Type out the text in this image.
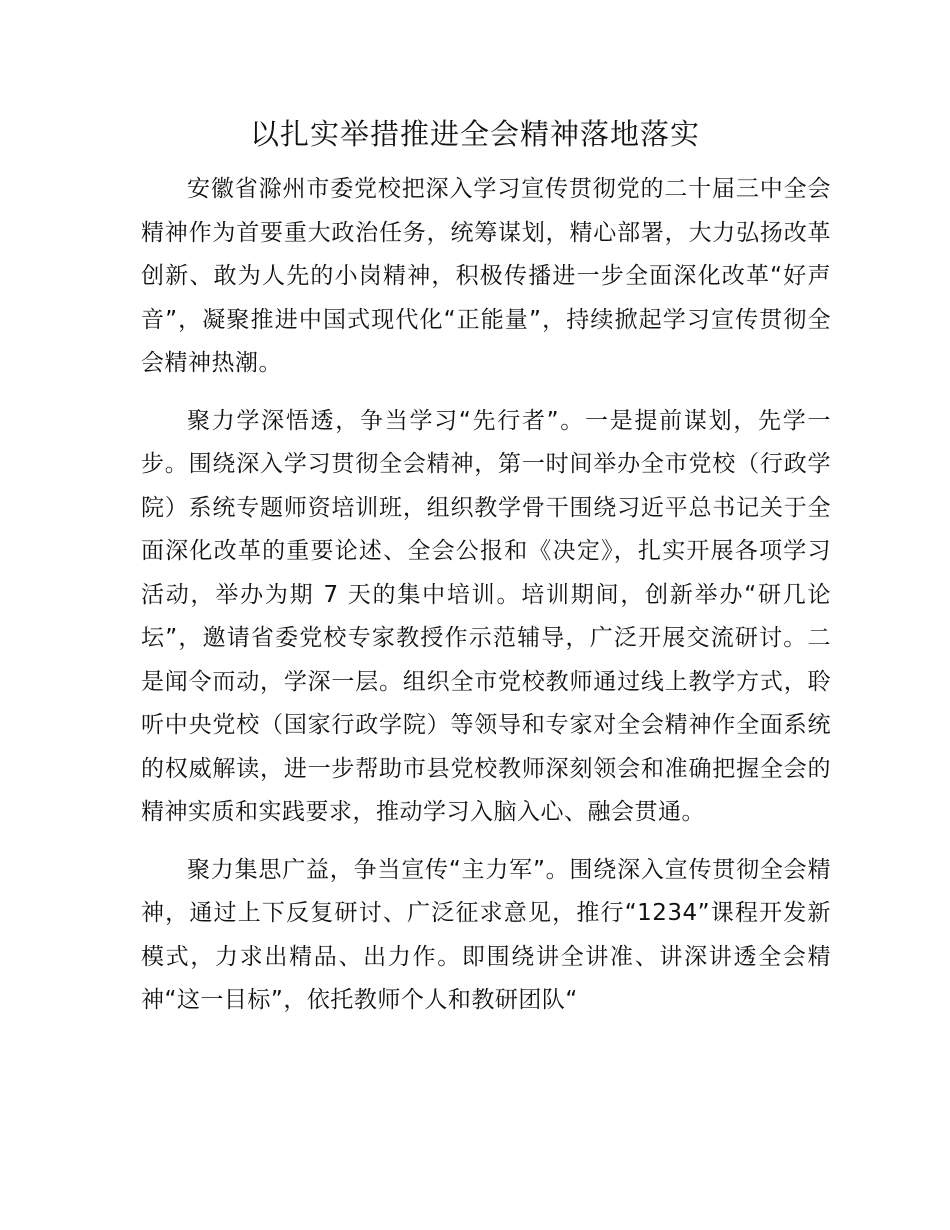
以扎实举措推进全会精神落地落实

安徽省滁州市委党校把深入学习宣传贯彻党的二十届三中全会精神作为首要重大政治任务，统筹谋划，精心部署，大力弘扬改革创新、敢为人先的小岗精神，积极传播进一步全面深化改革“好声音”，凝聚推进中国式现代化“正能量”，持续掀起学习宣传贯彻全会精神热潮。

聚力学深悟透，争当学习“先行者”。一是提前谋划，先学一步。围绕深入学习贯彻全会精神，第一时间举办全市党校（行政学院）系统专题师资培训班，组织教学骨干围绕习近平总书记关于全面深化改革的重要论述、全会公报和《决定》，扎实开展各项学习活动，举办为期 7 天的集中培训。培训期间，创新举办“研几论坛”，邀请省委党校专家教授作示范辅导，广泛开展交流研讨。二是闻令而动，学深一层。组织全市党校教师通过线上教学方式，聆听中央党校（国家行政学院）等领导和专家对全会精神作全面系统的权威解读，进一步帮助市县党校教师深刻领会和准确把握全会的精神实质和实践要求，推动学习入脑入心、融会贯通。

聚力集思广益，争当宣传“主力军”。围绕深入宣传贯彻全会精神，通过上下反复研讨、广泛征求意见，推行“1234”课程开发新模式，力求出精品、出力作。即围绕讲全讲准、讲深讲透全会精神“这一目标”，依托教师个人和教研团队“
